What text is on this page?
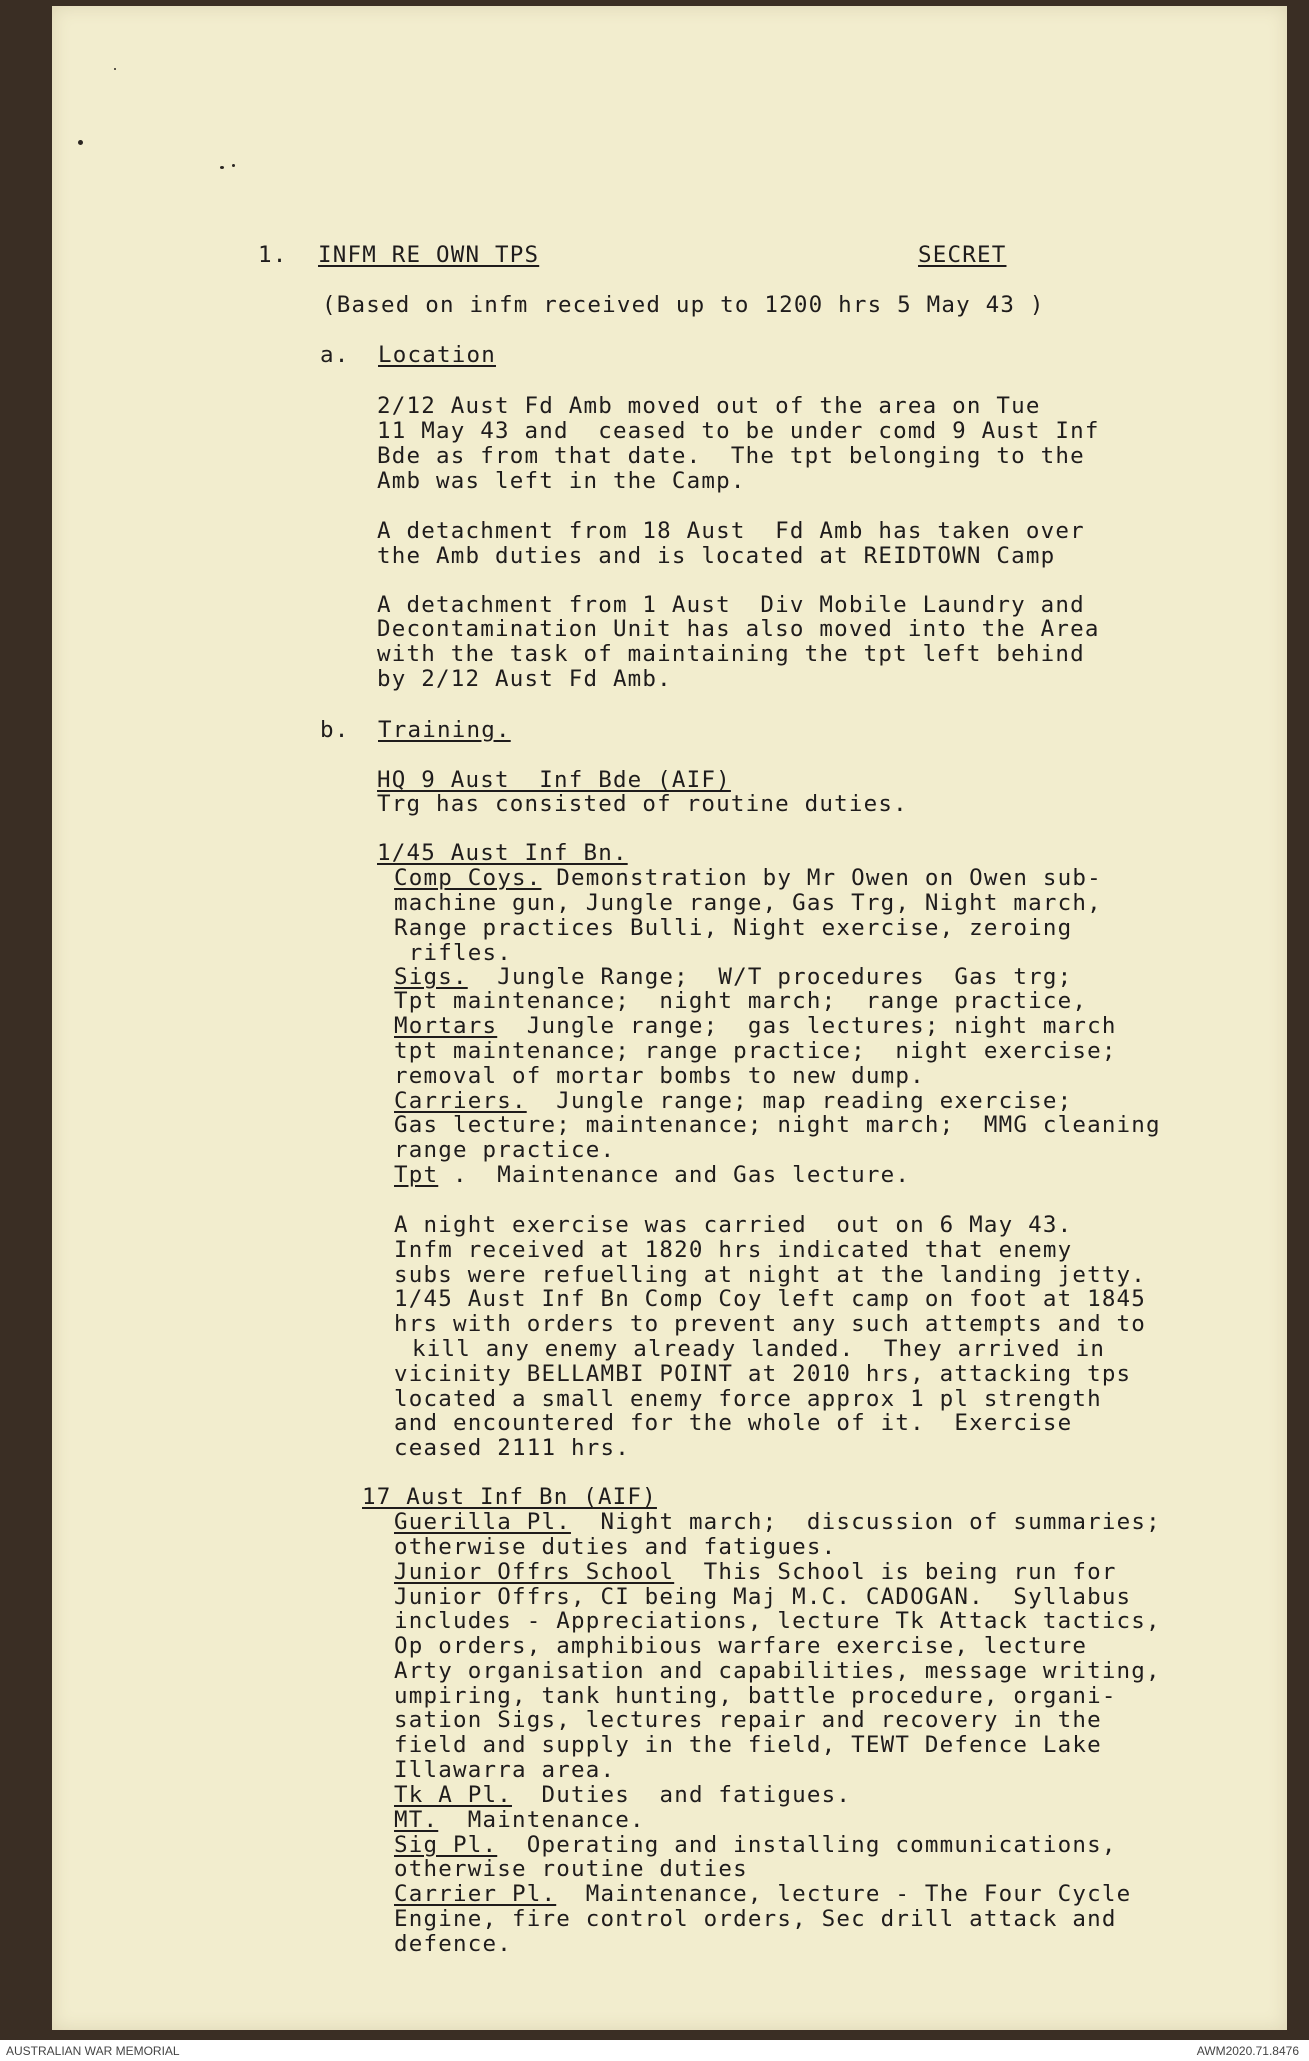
1. INFM RE OWN TPS	SECRET
(Based on infm received up to 1200 hrs 5 May 43 )
a. Location
2/12 Aust Fd Amb moved out of the area on Tue
11 May 43 and  ceased to be under comd 9 Aust Inf
Bde as from that date.  The tpt belonging to the
Amb was left in the Camp.
A detachment from 18 Aust  Fd Amb has taken over
the Amb duties and is located at REIDTOWN Camp
A detachment from 1 Aust  Div Mobile Laundry and
Decontamination Unit has also moved into the Area
with the task of maintaining the tpt left behind
by 2/12 Aust Fd Amb.
b. Training.
HQ 9 Aust  Inf Bde (AIF)
Trg has consisted of routine duties.
1/45 Aust Inf Bn.
Comp Coys. Demonstration by Mr Owen on Owen sub-
machine gun, Jungle range, Gas Trg, Night march,
Range practices Bulli, Night exercise, zeroing
rifles.
Sigs.  Jungle Range;  W/T procedures  Gas trg;
Tpt maintenance;  night march;  range practice,
Mortars  Jungle range;  gas lectures; night march
tpt maintenance; range practice;  night exercise;
removal of mortar bombs to new dump.
Carriers.  Jungle range; map reading exercise;
Gas lecture; maintenance; night march;  MMG cleaning
range practice.
Tpt .  Maintenance and Gas lecture.
A night exercise was carried  out on 6 May 43.
Infm received at 1820 hrs indicated that enemy
subs were refuelling at night at the landing jetty.
1/45 Aust Inf Bn Comp Coy left camp on foot at 1845
hrs with orders to prevent any such attempts and to
kill any enemy already landed.  They arrived in
vicinity BELLAMBI POINT at 2010 hrs, attacking tps
located a small enemy force approx 1 pl strength
and encountered for the whole of it.  Exercise
ceased 2111 hrs.
17 Aust Inf Bn (AIF)
Guerilla Pl.  Night march;  discussion of summaries;
otherwise duties and fatigues.
Junior Offrs School  This School is being run for
Junior Offrs, CI being Maj M.C. CADOGAN.  Syllabus
includes - Appreciations, lecture Tk Attack tactics,
Op orders, amphibious warfare exercise, lecture
Arty organisation and capabilities, message writing,
umpiring, tank hunting, battle procedure, organi-
sation Sigs, lectures repair and recovery in the
field and supply in the field, TEWT Defence Lake
Illawarra area.
Tk A Pl.  Duties  and fatigues.
MT.  Maintenance.
Sig Pl.  Operating and installing communications,
otherwise routine duties
Carrier Pl.  Maintenance, lecture - The Four Cycle
Engine, fire control orders, Sec drill attack and
defence.
AUSTRALIAN WAR MEMORIAL	AWM2020.71.8476
